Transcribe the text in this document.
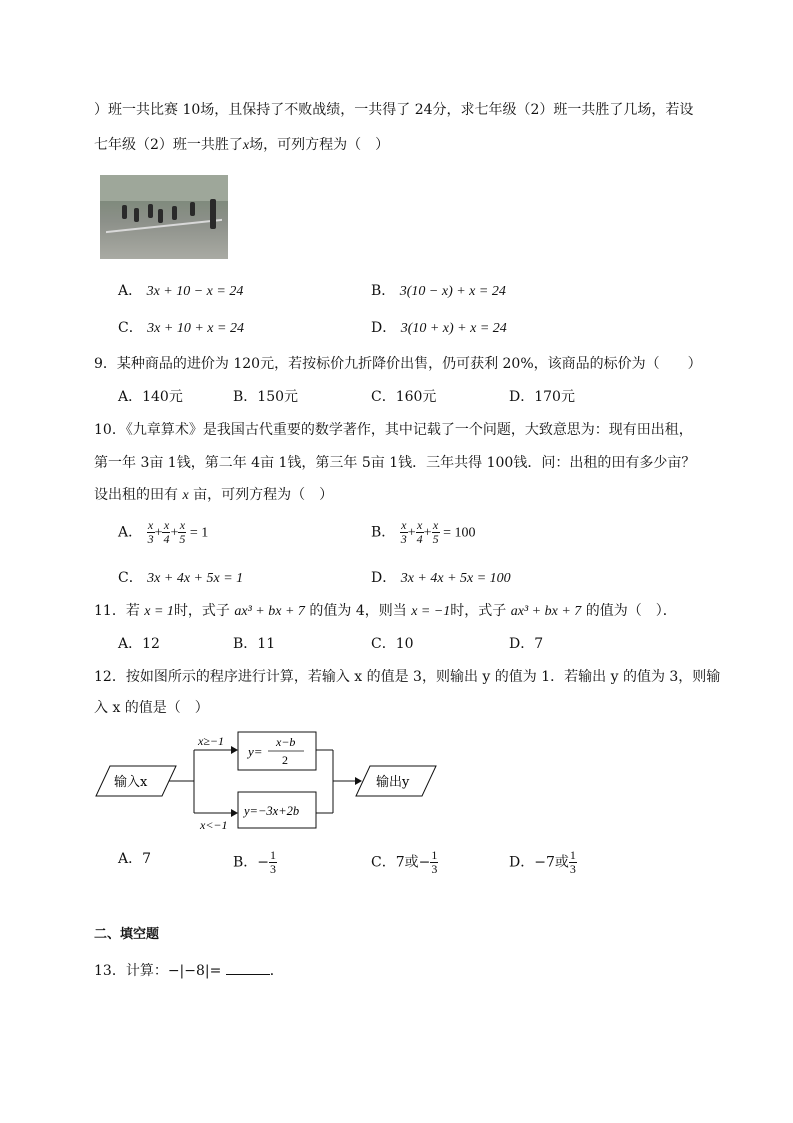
）班一共比赛 10场，且保持了不败战绩，一共得了 24分，求七年级（2）班一共胜了几场，若设
七年级（2）班一共胜了x场，可列方程为（　）
A． 3x + 10 − x = 24	B． 3(10 − x) + x = 24
C． 3x + 10 + x = 24	D． 3(10 + x) + x = 24
9．某种商品的进价为 120元，若按标价九折降价出售，仍可获利 20%，该商品的标价为（　　）
A．140元	B．150元	C．160元	D．170元
10．《九章算术》是我国古代重要的数学著作，其中记载了一个问题，大致意思为：现有田出租，
第一年 3亩 1钱，第二年 4亩 1钱，第三年 5亩 1钱．三年共得 100钱．问：出租的田有多少亩？
设出租的田有 x 亩，可列方程为（　）
A． $\frac{x}{3} + \frac{x}{4} + \frac{x}{5} = 1$	B． $\frac{x}{3} + \frac{x}{4} + \frac{x}{5} = 100$
C． 3x + 4x + 5x = 1	D． 3x + 4x + 5x = 100
11．若 x = 1时，式子 ax³ + bx + 7 的值为 4，则当 x = −1时，式子 ax³ + bx + 7 的值为（　）．
A．12	B．11	C．10	D．7
12．按如图所示的程序进行计算，若输入 x 的值是 3，则输出 y 的值为 1．若输出 y 的值为 3，则输
入 x 的值是（　）
输入x
x≥−1
x<−1
y=
x−b
2
y=−3x+2b
输出y
A．7	B．− $\frac{1}{3}$	C．7或− $\frac{1}{3}$	D．−7或 $\frac{1}{3}$
二、填空题
13．计算：−|−8|=	．
